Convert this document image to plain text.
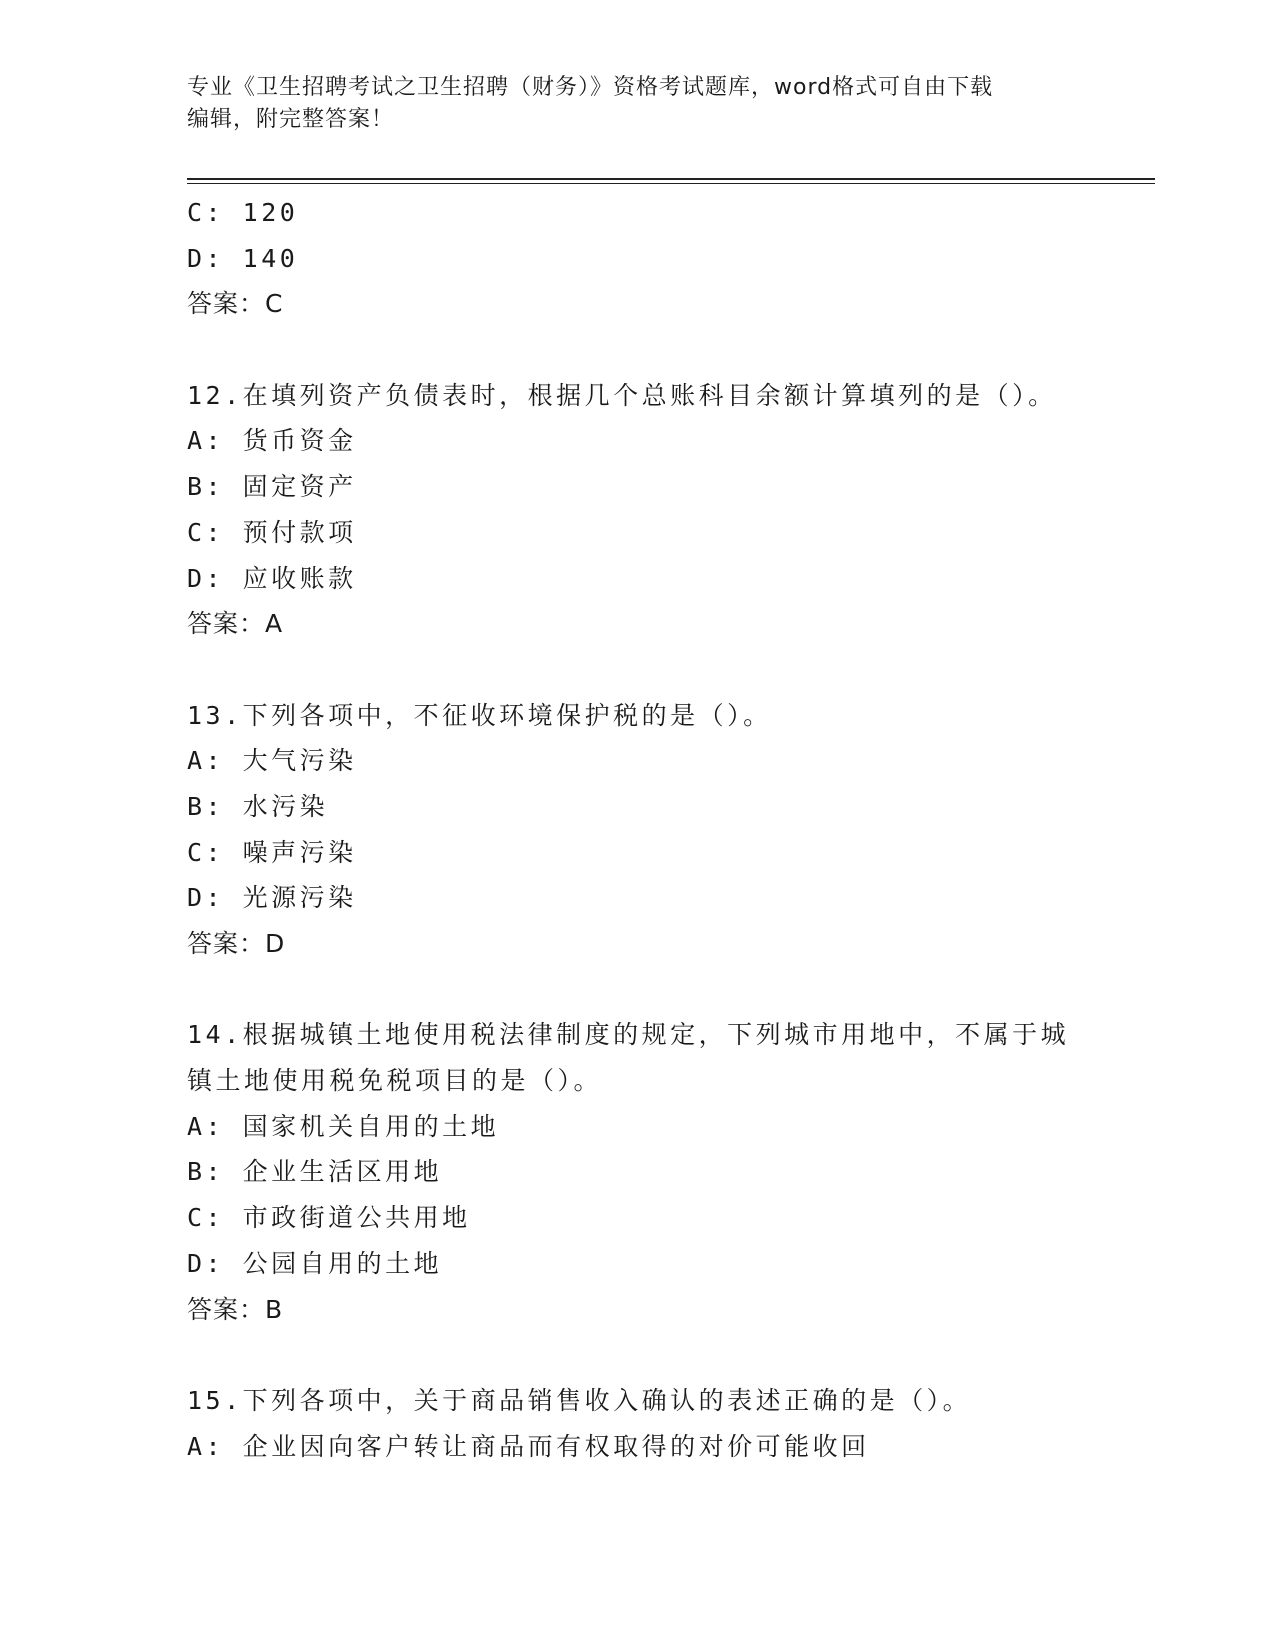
专业《卫生招聘考试之卫生招聘（财务）》资格考试题库，word格式可自由下载
编辑，附完整答案！
C: 120
D: 140
答案：C
12.在填列资产负债表时，根据几个总账科目余额计算填列的是（）。
A: 货币资金
B: 固定资产
C: 预付款项
D: 应收账款
答案：A
13.下列各项中，不征收环境保护税的是（）。
A: 大气污染
B: 水污染
C: 噪声污染
D: 光源污染
答案：D
14.根据城镇土地使用税法律制度的规定，下列城市用地中，不属于城
镇土地使用税免税项目的是（）。
A: 国家机关自用的土地
B: 企业生活区用地
C: 市政街道公共用地
D: 公园自用的土地
答案：B
15.下列各项中，关于商品销售收入确认的表述正确的是（）。
A: 企业因向客户转让商品而有权取得的对价可能收回
